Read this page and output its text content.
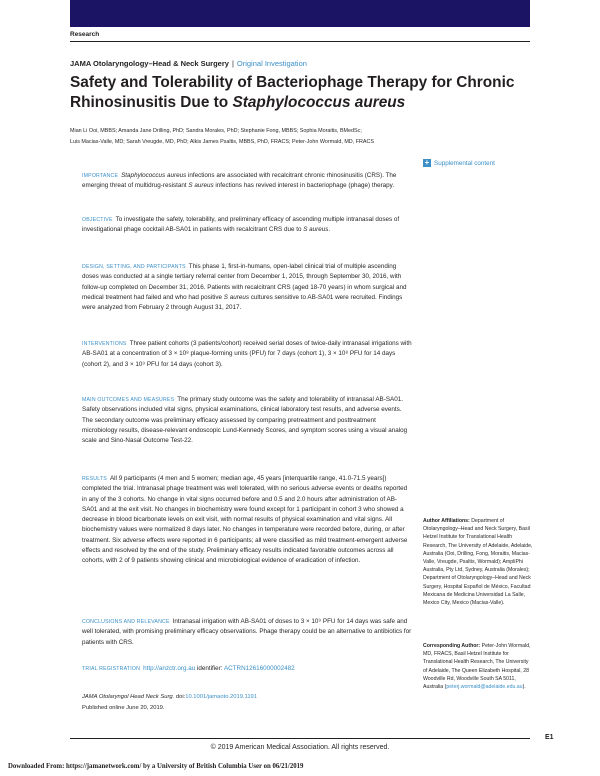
Research
JAMA Otolaryngology–Head & Neck Surgery | Original Investigation
Safety and Tolerability of Bacteriophage Therapy for Chronic Rhinosinusitis Due to Staphylococcus aureus
Mian Li Ooi, MBBS; Amanda Jane Drilling, PhD; Sandra Morales, PhD; Stephanie Fong, MBBS; Sophia Moraitis, BMedSc;
Luis Macias-Valle, MD; Sarah Vreugde, MD, PhD; Alkis James Psaltis, MBBS, PhD, FRACS; Peter-John Wormald, MD, FRACS
+ Supplemental content
IMPORTANCE Staphylococcus aureus infections are associated with recalcitrant chronic rhinosinusitis (CRS). The emerging threat of multidrug-resistant S aureus infections has revived interest in bacteriophage (phage) therapy.
OBJECTIVE To investigate the safety, tolerability, and preliminary efficacy of ascending multiple intranasal doses of investigational phage cocktail AB-SA01 in patients with recalcitrant CRS due to S aureus.
DESIGN, SETTING, AND PARTICIPANTS This phase 1, first-in-humans, open-label clinical trial of multiple ascending doses was conducted at a single tertiary referral center from December 1, 2015, through September 30, 2016, with follow-up completed on December 31, 2016. Patients with recalcitrant CRS (aged 18-70 years) in whom surgical and medical treatment had failed and who had positive S aureus cultures sensitive to AB-SA01 were recruited. Findings were analyzed from February 2 through August 31, 2017.
INTERVENTIONS Three patient cohorts (3 patients/cohort) received serial doses of twice-daily intranasal irrigations with AB-SA01 at a concentration of 3 × 10⁸ plaque-forming units (PFU) for 7 days (cohort 1), 3 × 10⁸ PFU for 14 days (cohort 2), and 3 × 10⁹ PFU for 14 days (cohort 3).
MAIN OUTCOMES AND MEASURES The primary study outcome was the safety and tolerability of intranasal AB-SA01. Safety observations included vital signs, physical examinations, clinical laboratory test results, and adverse events. The secondary outcome was preliminary efficacy assessed by comparing pretreatment and posttreatment microbiology results, disease-relevant endoscopic Lund-Kennedy Scores, and symptom scores using a visual analog scale and Sino-Nasal Outcome Test-22.
RESULTS All 9 participants (4 men and 5 women; median age, 45 years [interquartile range, 41.0-71.5 years]) completed the trial. Intranasal phage treatment was well tolerated, with no serious adverse events or deaths reported in any of the 3 cohorts. No change in vital signs occurred before and 0.5 and 2.0 hours after administration of AB-SA01 and at the exit visit. No changes in biochemistry were found except for 1 participant in cohort 3 who showed a decrease in blood bicarbonate levels on exit visit, with normal results of physical examination and vital signs. All biochemistry values were normalized 8 days later. No changes in temperature were recorded before, during, or after treatment. Six adverse effects were reported in 6 participants; all were classified as mild treatment-emergent adverse effects and resolved by the end of the study. Preliminary efficacy results indicated favorable outcomes across all cohorts, with 2 of 9 patients showing clinical and microbiological evidence of eradication of infection.
CONCLUSIONS AND RELEVANCE Intranasal irrigation with AB-SA01 of doses to 3 × 10⁹ PFU for 14 days was safe and well tolerated, with promising preliminary efficacy observations. Phage therapy could be an alternative to antibiotics for patients with CRS.
TRIAL REGISTRATION http://anzctr.org.au identifier: ACTRN12616000002482
JAMA Otolaryngol Head Neck Surg. doi:10.1001/jamaoto.2019.1191
Published online June 20, 2019.
Author Affiliations: Department of Otolaryngology–Head and Neck Surgery, Basil Hetzel Institute for Translational Health Research, The University of Adelaide, Adelaide, Australia (Ooi, Drilling, Fong, Moraitis, Macias-Valle, Vreugde, Psaltis, Wormald); AmpliPhi Australia, Pty Ltd, Sydney, Australia (Morales); Department of Otolaryngology–Head and Neck Surgery, Hospital Español de México, Facultad Mexicana de Medicina Universidad La Salle, Mexico City, Mexico (Macias-Valle).
Corresponding Author: Peter-John Wormald, MD, FRACS, Basil Hetzel Institute for Translational Health Research, The University of Adelaide, The Queen Elizabeth Hospital, 28 Woodville Rd, Woodville South SA 5011, Australia (peterj.wormald@adelaide.edu.au).
© 2019 American Medical Association. All rights reserved.
E1
Downloaded From: https://jamanetwork.com/ by a University of British Columbia User on 06/21/2019
